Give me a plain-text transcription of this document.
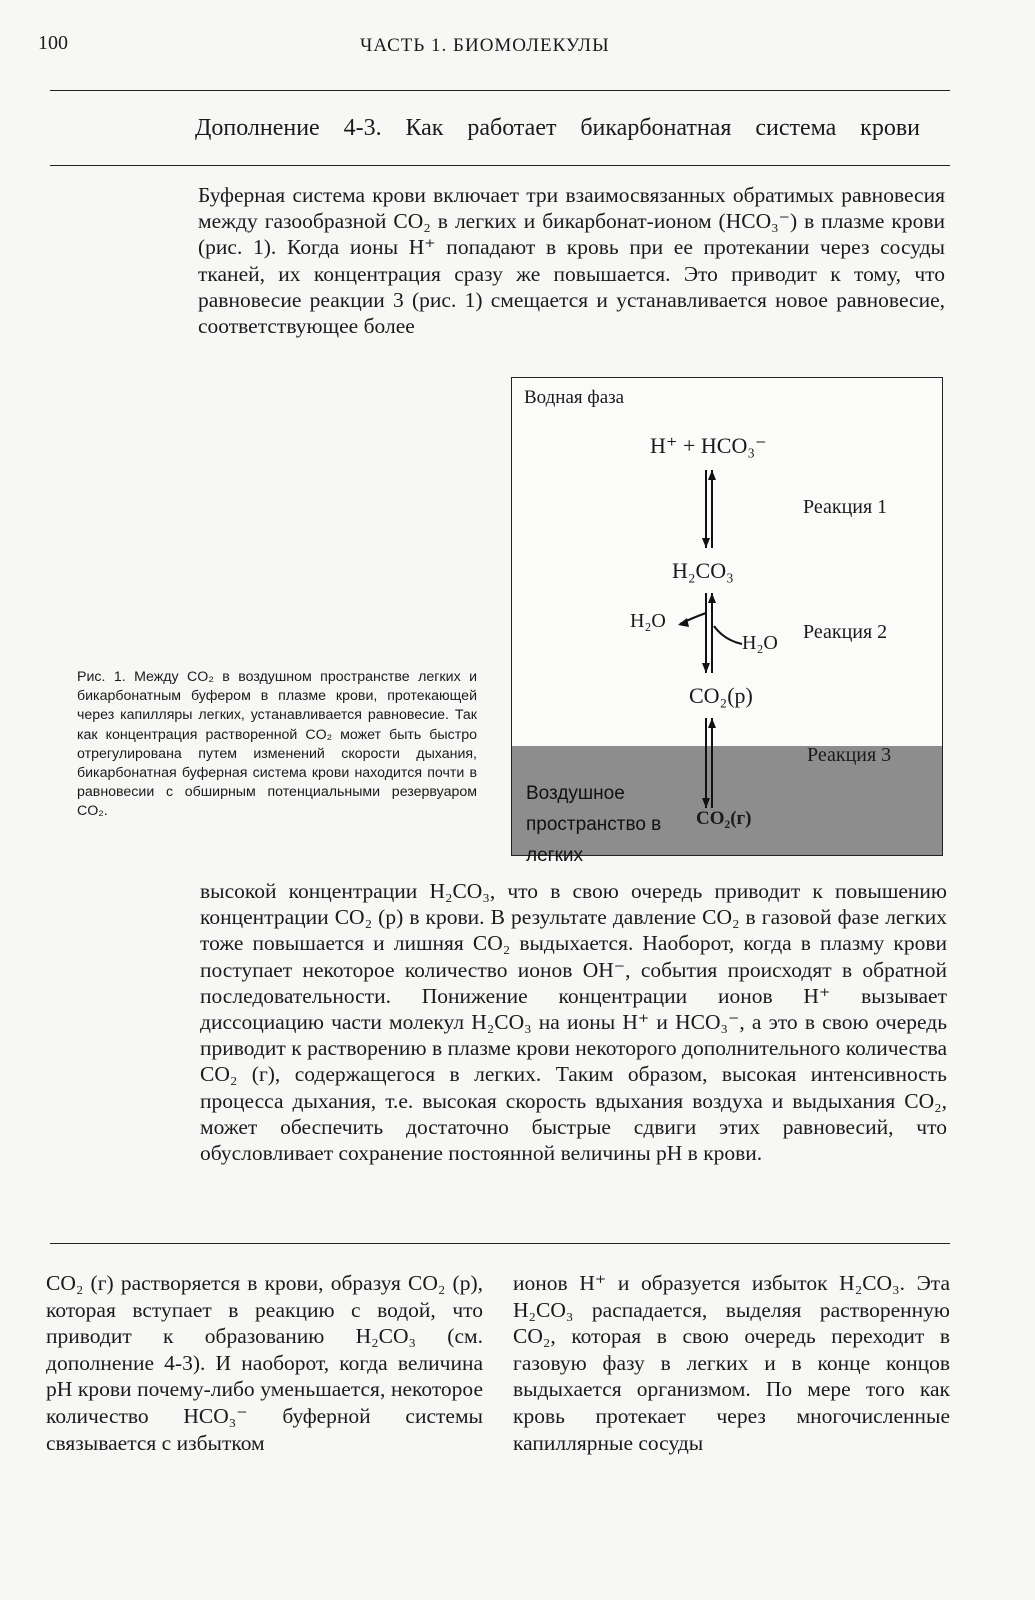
100	ЧАСТЬ 1. БИОМОЛЕКУЛЫ
Дополнение 4-3. Как работает бикарбонатная система крови

Буферная система крови включает три взаимосвязанных обратимых равновесия между газообразной CO₂ в легких и бикарбонат-ионом (HCO₃⁻) в плазме крови (рис. 1). Когда ионы H⁺ попадают в кровь при ее протекании через сосуды тканей, их концентрация сразу же повышается. Это приводит к тому, что равновесие реакции 3 (рис. 1) смещается и устанавливается новое равновесие, соответствующее более

Рис. 1. Между CO₂ в воздушном пространстве легких и бикарбонатным буфером в плазме крови, протекающей через капилляры легких, устанавливается равновесие. Так как концентрация растворенной CO₂ может быть быстро отрегулирована путем изменений скорости дыхания, бикарбонатная буферная система крови находится почти в равновесии с обширным потенциальными резервуаром CO₂.
Водная фаза
H⁺ + HCO₃⁻
Реакция 1
H₂CO₃
H₂O
H₂O Реакция 2
CO₂(р)
Реакция 3
Воздушное пространство в легких
CO₂(г)

высокой концентрации H₂CO₃, что в свою очередь приводит к повышению концентрации CO₂ (р) в крови. В результате давление CO₂ в газовой фазе легких тоже повышается и лишняя CO₂ выдыхается. Наоборот, когда в плазму крови поступает некоторое количество ионов OH⁻, события происходят в обратной последовательности. Понижение концентрации ионов H⁺ вызывает диссоциацию части молекул H₂CO₃ на ионы H⁺ и HCO₃⁻, а это в свою очередь приводит к растворению в плазме крови некоторого дополнительного количества CO₂ (г), содержащегося в легких. Таким образом, высокая интенсивность процесса дыхания, т.е. высокая скорость вдыхания воздуха и выдыхания CO₂, может обеспечить достаточно быстрые сдвиги этих равновесий, что обусловливает сохранение постоянной величины pH в крови.

CO₂ (г) растворяется в крови, образуя CO₂ (р), которая вступает в реакцию с водой, что приводит к образованию H₂CO₃ (см. дополнение 4-3). И наоборот, когда величина pH крови почему-либо уменьшается, некоторое количество HCO₃⁻ буферной системы связывается с избытком
ионов H⁺ и образуется избыток H₂CO₃. Эта H₂CO₃ распадается, выделяя растворенную CO₂, которая в свою очередь переходит в газовую фазу в легких и в конце концов выдыхается организмом. По мере того как кровь протекает через многочисленные капиллярные сосуды
